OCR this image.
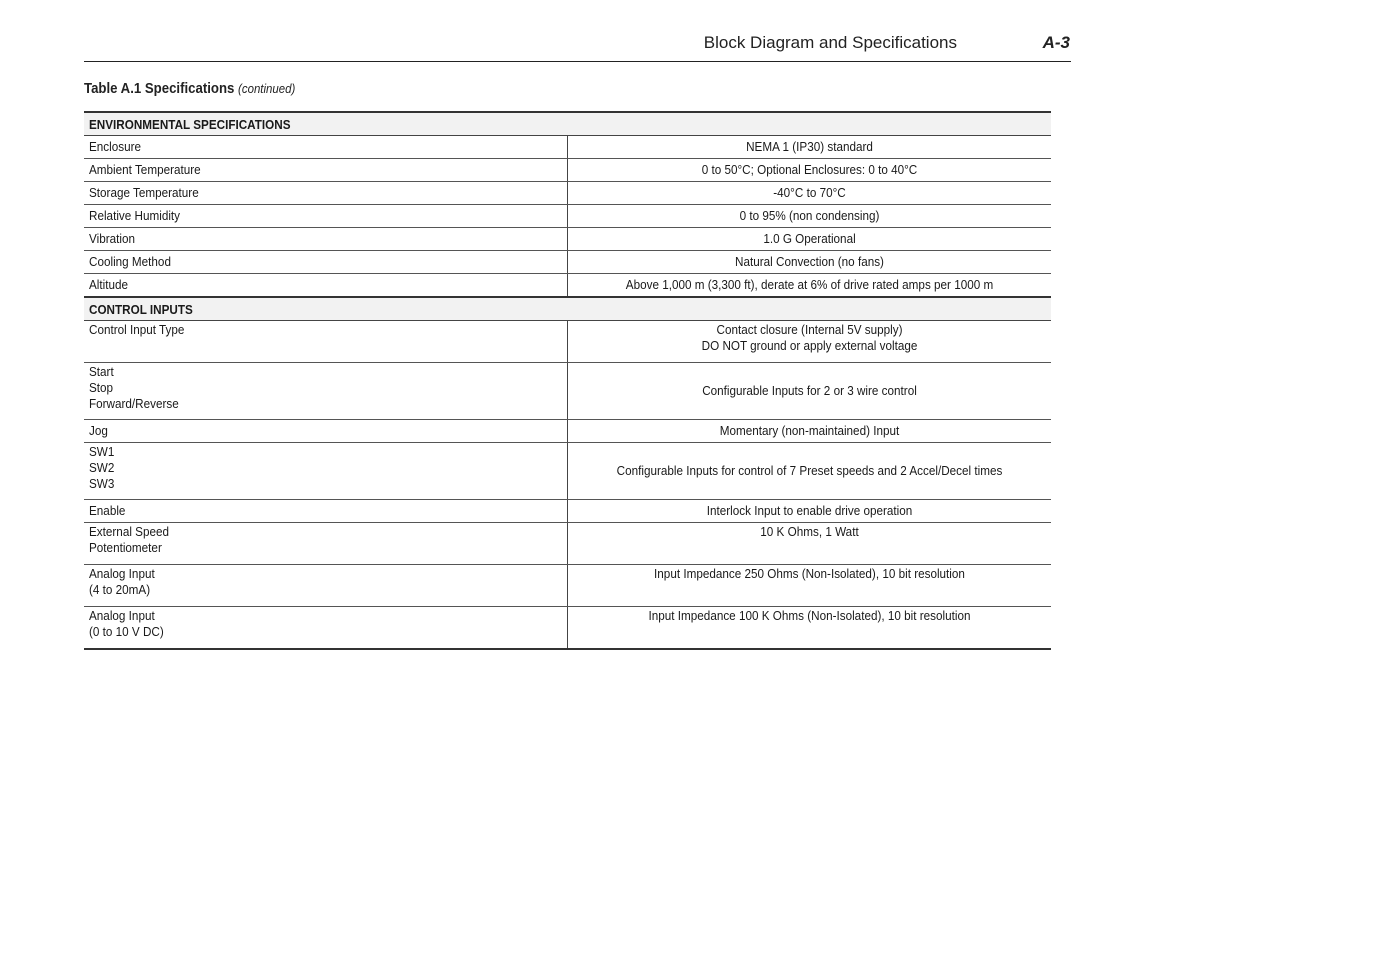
Block Diagram and Specifications	A-3
Table A.1 Specifications (continued)
ENVIRONMENTAL SPECIFICATIONS	

Enclosure	NEMA 1 (IP30) standard

Ambient Temperature	0 to 50°C; Optional Enclosures: 0 to 40°C

Storage Temperature	-40°C to 70°C

Relative Humidity	0 to 95% (non condensing)

Vibration	1.0 G Operational

Cooling Method	Natural Convection (no fans)

Altitude	Above 1,000 m (3,300 ft), derate at 6% of drive rated amps per 1000 m

CONTROL INPUTS	

Control Input Type	Contact closure (Internal 5V supply)
DO NOT ground or apply external voltage

Start
Stop
Forward/Reverse	Configurable Inputs for 2 or 3 wire control

Jog	Momentary (non-maintained) Input

SW1
SW2
SW3	Configurable Inputs for control of 7 Preset speeds and 2 Accel/Decel times

Enable	Interlock Input to enable drive operation

External Speed
Potentiometer	10 K Ohms, 1 Watt

Analog Input
(4 to 20mA)	Input Impedance 250 Ohms (Non-Isolated), 10 bit resolution

Analog Input
(0 to 10 V DC)	Input Impedance 100 K Ohms (Non-Isolated), 10 bit resolution
